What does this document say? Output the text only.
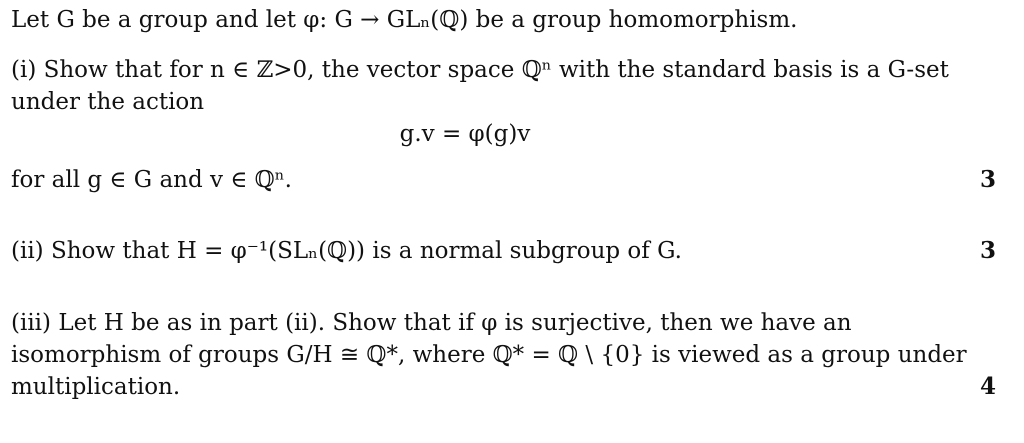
Let G be a group and let φ: G → GLₙ(ℚ) be a group homomorphism.
(i) Show that for n ∈ ℤ>0, the vector space ℚⁿ with the standard basis is a G-set
under the action
g.v = φ(g)v
for all g ∈ G and v ∈ ℚⁿ.	3
(ii) Show that H = φ⁻¹(SLₙ(ℚ)) is a normal subgroup of G.	3
(iii) Let H be as in part (ii). Show that if φ is surjective, then we have an
isomorphism of groups G/H ≅ ℚ*, where ℚ* = ℚ \ {0} is viewed as a group under
multiplication.	4
